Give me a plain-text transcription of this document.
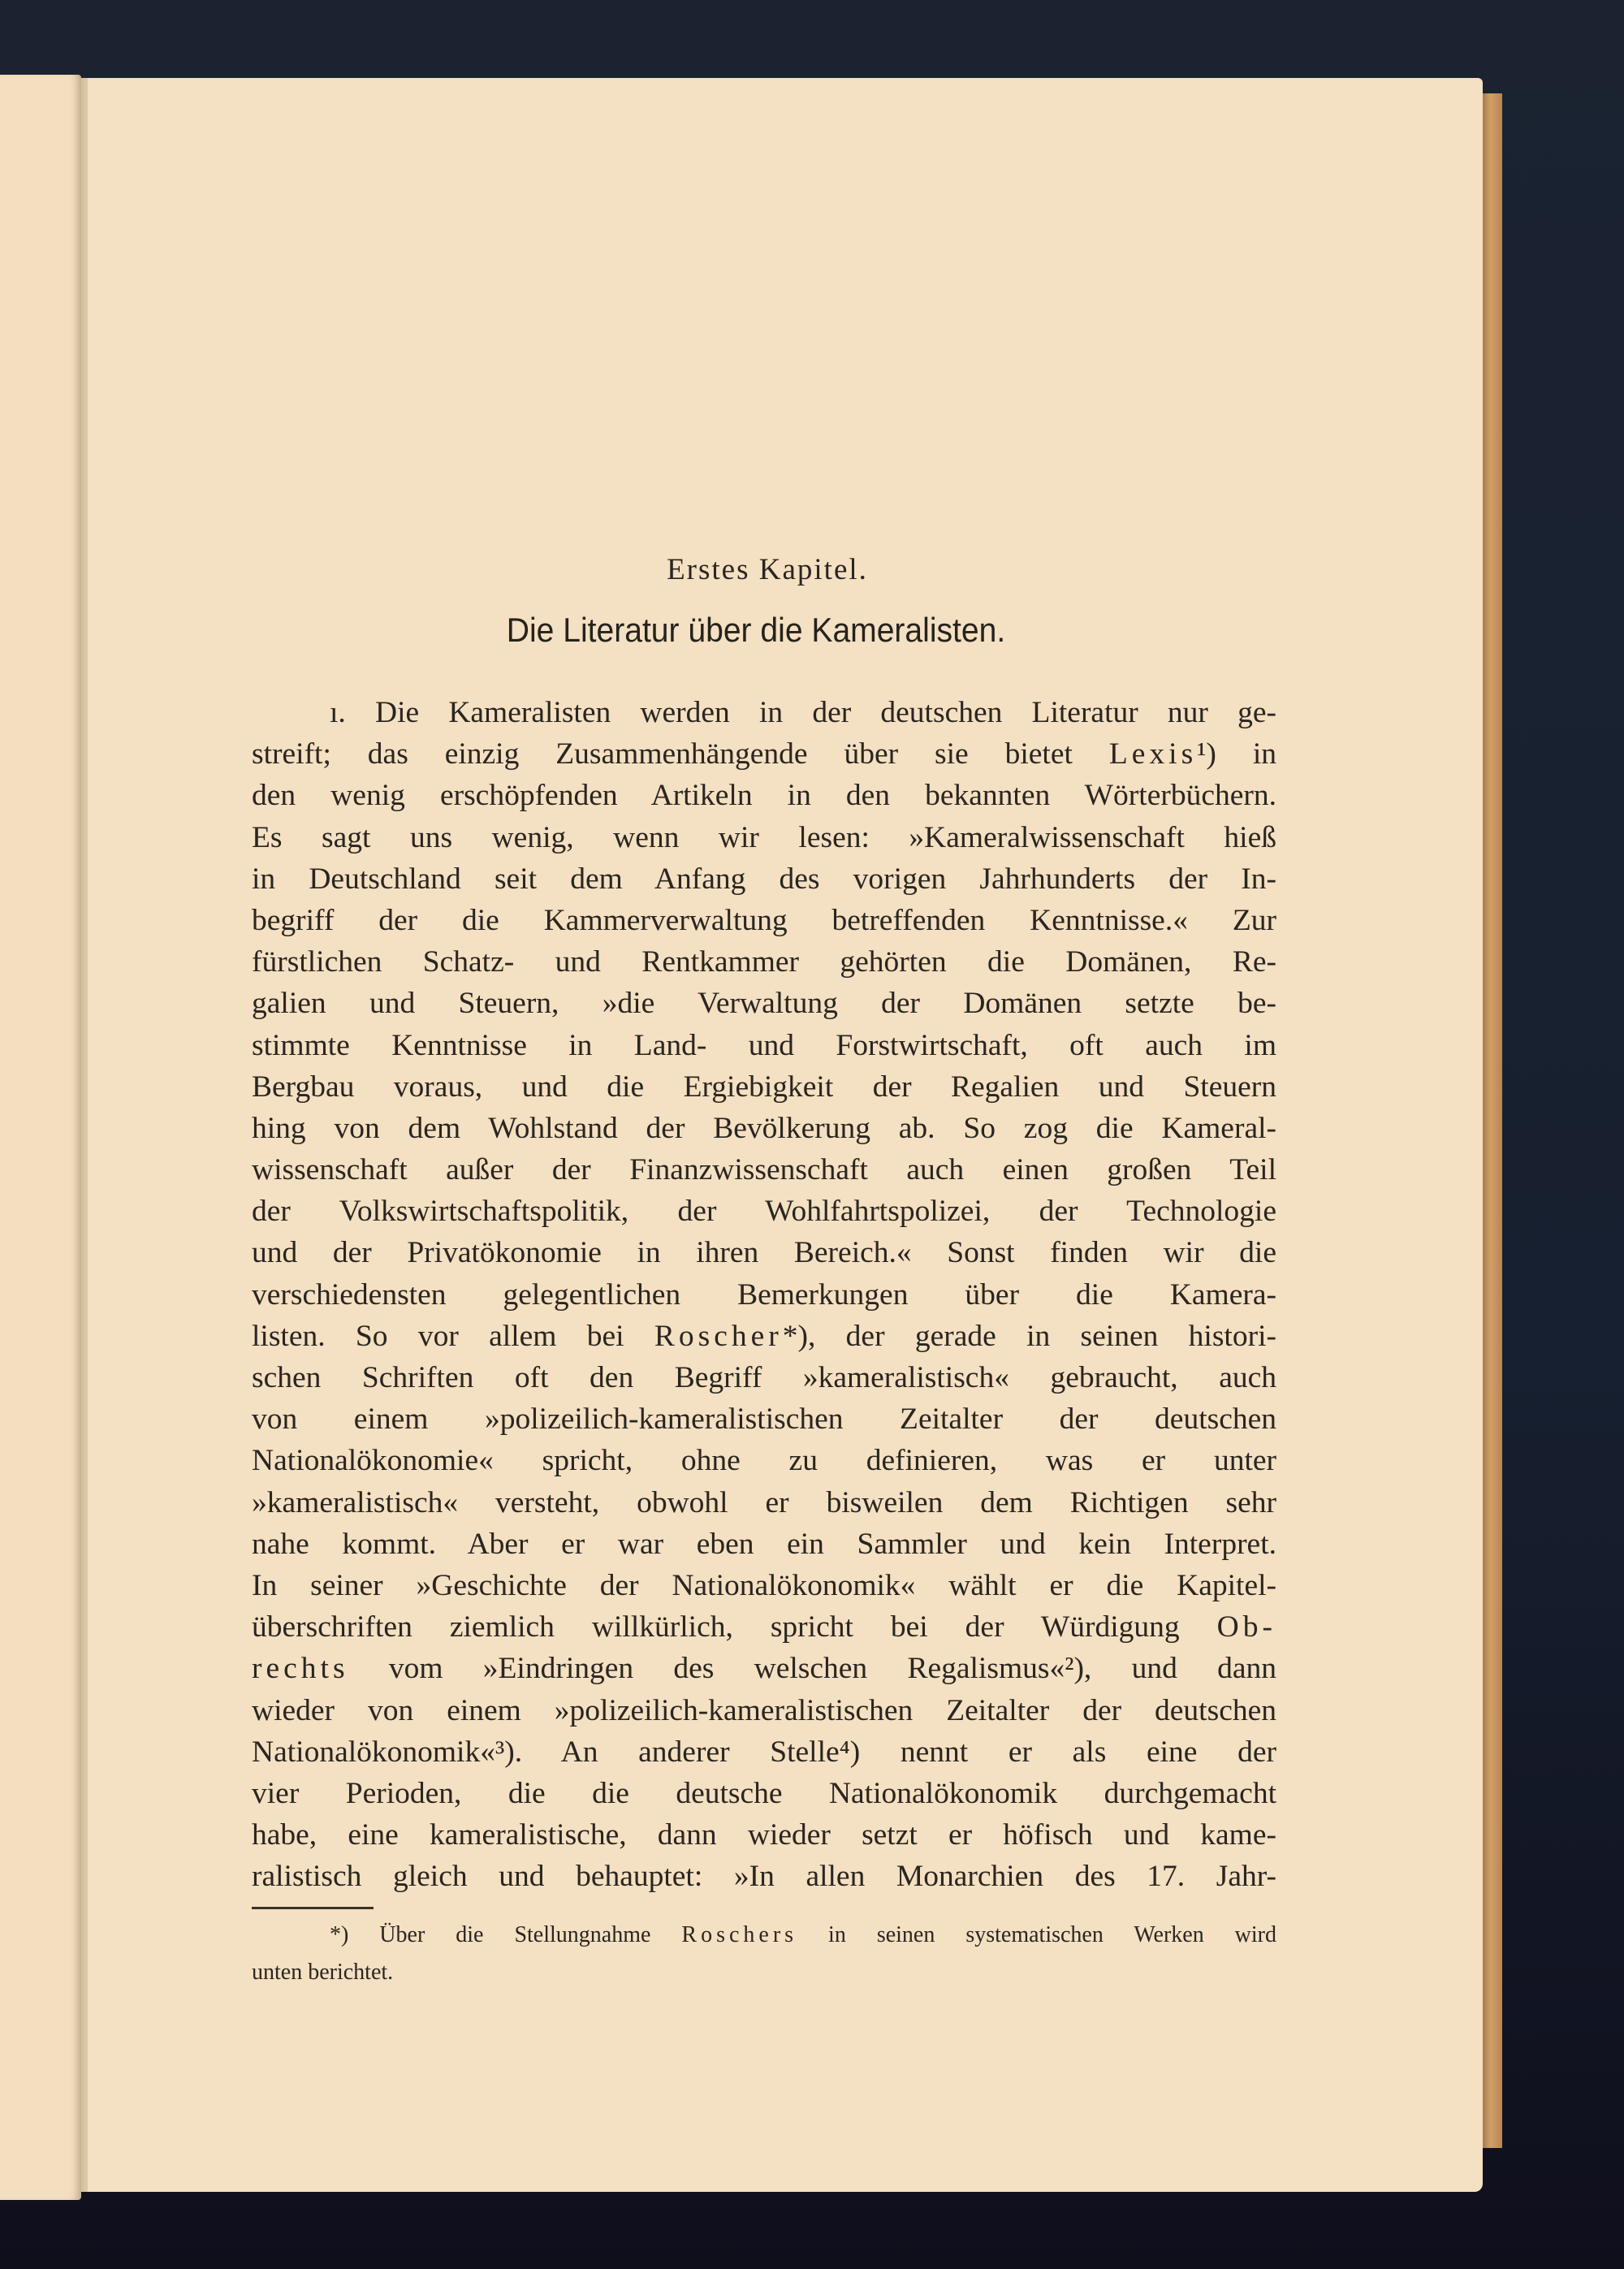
Erstes Kapitel.
Die Literatur über die Kameralisten.
ı. Die Kameralisten werden in der deutschen Literatur nur ge-
streift; das einzig Zusammenhängende über sie bietet Lexis¹) in
den wenig erschöpfenden Artikeln in den bekannten Wörterbüchern.
Es sagt uns wenig, wenn wir lesen: »Kameralwissenschaft hieß
in Deutschland seit dem Anfang des vorigen Jahrhunderts der In-
begriff der die Kammerverwaltung betreffenden Kenntnisse.« Zur
fürstlichen Schatz- und Rentkammer gehörten die Domänen, Re-
galien und Steuern, »die Verwaltung der Domänen setzte be-
stimmte Kenntnisse in Land- und Forstwirtschaft, oft auch im
Bergbau voraus, und die Ergiebigkeit der Regalien und Steuern
hing von dem Wohlstand der Bevölkerung ab. So zog die Kameral-
wissenschaft außer der Finanzwissenschaft auch einen großen Teil
der Volkswirtschaftspolitik, der Wohlfahrtspolizei, der Technologie
und der Privatökonomie in ihren Bereich.« Sonst finden wir die
verschiedensten gelegentlichen Bemerkungen über die Kamera-
listen. So vor allem bei Roscher*), der gerade in seinen histori-
schen Schriften oft den Begriff »kameralistisch« gebraucht, auch
von einem »polizeilich-kameralistischen Zeitalter der deutschen
Nationalökonomie« spricht, ohne zu definieren, was er unter
»kameralistisch« versteht, obwohl er bisweilen dem Richtigen sehr
nahe kommt. Aber er war eben ein Sammler und kein Interpret.
In seiner »Geschichte der Nationalökonomik« wählt er die Kapitel-
überschriften ziemlich willkürlich, spricht bei der Würdigung Ob-
rechts vom »Eindringen des welschen Regalismus«²), und dann
wieder von einem »polizeilich-kameralistischen Zeitalter der deutschen
Nationalökonomik«³). An anderer Stelle⁴) nennt er als eine der
vier Perioden, die die deutsche Nationalökonomik durchgemacht
habe, eine kameralistische, dann wieder setzt er höfisch und kame-
ralistisch gleich und behauptet: »In allen Monarchien des 17. Jahr-
*) Über die Stellungnahme Roschers in seinen systematischen Werken wird
unten berichtet.
